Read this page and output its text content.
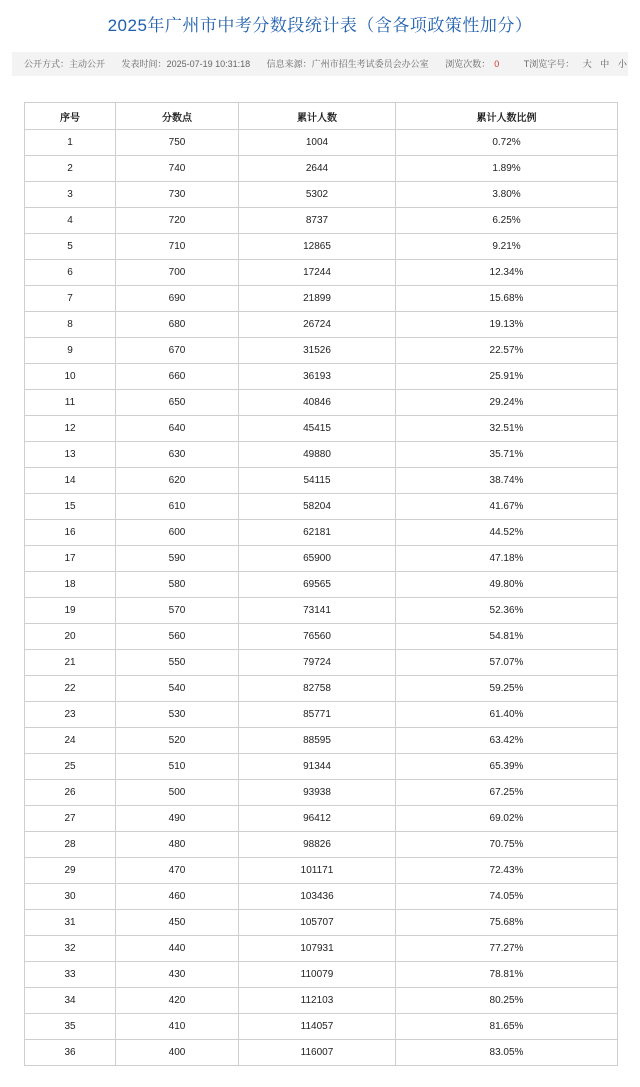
2025年广州市中考分数段统计表（含各项政策性加分）
公开方式：主动公开 发表时间：2025-07-19 10:31:18 信息来源：广州市招生考试委员会办公室 浏览次数： 0	T浏览字号： 大 中 小
序号	分数点	累计人数	累计人数比例
1	750	1004	0.72%
2	740	2644	1.89%
3	730	5302	3.80%
4	720	8737	6.25%
5	710	12865	9.21%
6	700	17244	12.34%
7	690	21899	15.68%
8	680	26724	19.13%
9	670	31526	22.57%
10	660	36193	25.91%
11	650	40846	29.24%
12	640	45415	32.51%
13	630	49880	35.71%
14	620	54115	38.74%
15	610	58204	41.67%
16	600	62181	44.52%
17	590	65900	47.18%
18	580	69565	49.80%
19	570	73141	52.36%
20	560	76560	54.81%
21	550	79724	57.07%
22	540	82758	59.25%
23	530	85771	61.40%
24	520	88595	63.42%
25	510	91344	65.39%
26	500	93938	67.25%
27	490	96412	69.02%
28	480	98826	70.75%
29	470	101171	72.43%
30	460	103436	74.05%
31	450	105707	75.68%
32	440	107931	77.27%
33	430	110079	78.81%
34	420	112103	80.25%
35	410	114057	81.65%
36	400	116007	83.05%
